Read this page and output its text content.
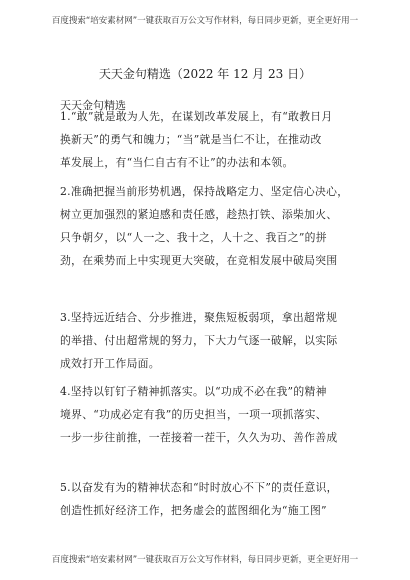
百度搜索“培安素材网”一键获取百万公文写作材料，每日同步更新，更全更好用一
天天金句精选（2022 年 12 月 23 日）
天天金句精选
1.“敢”就是敢为人先，在谋划改革发展上，有“敢教日月
换新天”的勇气和魄力；“当”就是当仁不让，在推动改
革发展上，有“当仁自古有不让”的办法和本领。
2.准确把握当前形势机遇，保持战略定力、坚定信心决心，
树立更加强烈的紧迫感和责任感，趁热打铁、添柴加火、
只争朝夕，以“人一之、我十之，人十之、我百之”的拼
劲，在乘势而上中实现更大突破，在竞相发展中破局突围
3.坚持远近结合、分步推进，聚焦短板弱项，拿出超常规
的举措、付出超常规的努力，下大力气逐一破解，以实际
成效打开工作局面。
4.坚持以钉钉子精神抓落实。以“功成不必在我”的精神
境界、“功成必定有我”的历史担当，一项一项抓落实、
一步一步往前推，一茬接着一茬干，久久为功、善作善成
5.以奋发有为的精神状态和“时时放心不下”的责任意识，
创造性抓好经济工作，把务虚会的蓝图细化为“施工图”
百度搜索“培安素材网”一键获取百万公文写作材料，每日同步更新，更全更好用一
